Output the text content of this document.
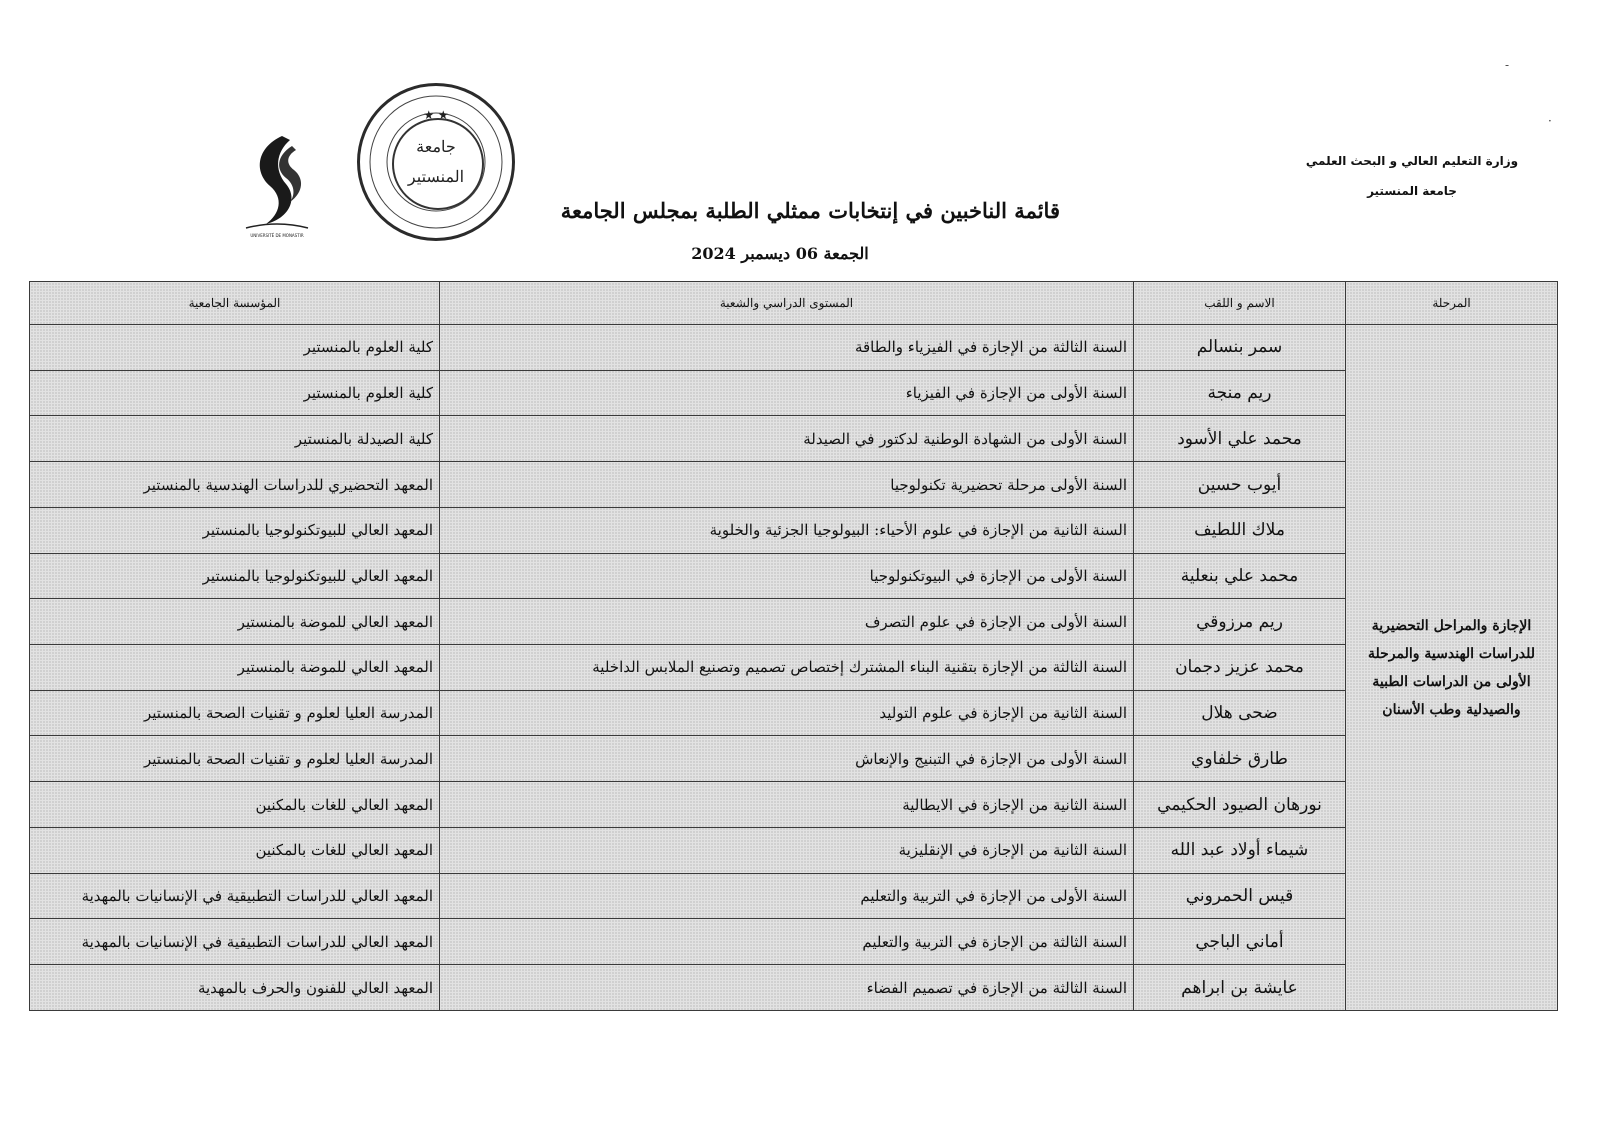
وزارة التعليم العالي و البحث العلمي
جامعة المنستير
★ ★
جامعة
المنستير
UNIVERSITÉ DE MONASTIR
قائمة الناخبين في إنتخابات ممثلي الطلبة بمجلس الجامعة
الجمعة 06 ديسمبر 2024
-
·
المرحلة	الاسم و اللقب	المستوى الدراسي والشعبة	المؤسسة الجامعية
الإجازة والمراحل التحضيرية للدراسات الهندسية والمرحلة الأولى من الدراسات الطبية والصيدلية وطب الأسنان	سمر بنسالم	السنة الثالثة من الإجازة في الفيزياء والطاقة	كلية العلوم بالمنستير
	ريم منجة	السنة الأولى من الإجازة في الفيزياء	كلية العلوم بالمنستير
	محمد علي الأسود	السنة الأولى من الشهادة الوطنية لدكتور في الصيدلة	كلية الصيدلة بالمنستير
	أيوب حسين	السنة الأولى مرحلة تحضيرية تكنولوجيا	المعهد التحضيري للدراسات الهندسية بالمنستير
	ملاك اللطيف	السنة الثانية من الإجازة في علوم الأحياء: البيولوجيا الجزئية والخلوية	المعهد العالي للبيوتكنولوجيا بالمنستير
	محمد علي بنعلية	السنة الأولى من الإجازة في البيوتكنولوجيا	المعهد العالي للبيوتكنولوجيا بالمنستير
	ريم مرزوقي	السنة الأولى من الإجازة في علوم التصرف	المعهد العالي للموضة بالمنستير
	محمد عزيز دجمان	السنة الثالثة من الإجازة بتقنية البناء المشترك إختصاص تصميم وتصنيع الملابس الداخلية	المعهد العالي للموضة بالمنستير
	ضحى هلال	السنة الثانية من الإجازة في علوم التوليد	المدرسة العليا لعلوم و تقنيات الصحة بالمنستير
	طارق خلفاوي	السنة الأولى من الإجازة في التبنيج والإنعاش	المدرسة العليا لعلوم و تقنيات الصحة بالمنستير
	نورهان الصيود الحكيمي	السنة الثانية من الإجازة في الايطالية	المعهد العالي للغات بالمكنين
	شيماء أولاد عبد الله	السنة الثانية من الإجازة في الإنقليزية	المعهد العالي للغات بالمكنين
	قيس الحمروني	السنة الأولى من الإجازة في التربية والتعليم	المعهد العالي للدراسات التطبيقية في الإنسانيات بالمهدية
	أماني الباجي	السنة الثالثة من الإجازة في التربية والتعليم	المعهد العالي للدراسات التطبيقية في الإنسانيات بالمهدية
	عايشة بن ابراهم	السنة الثالثة من الإجازة في تصميم الفضاء	المعهد العالي للفنون والحرف بالمهدية
